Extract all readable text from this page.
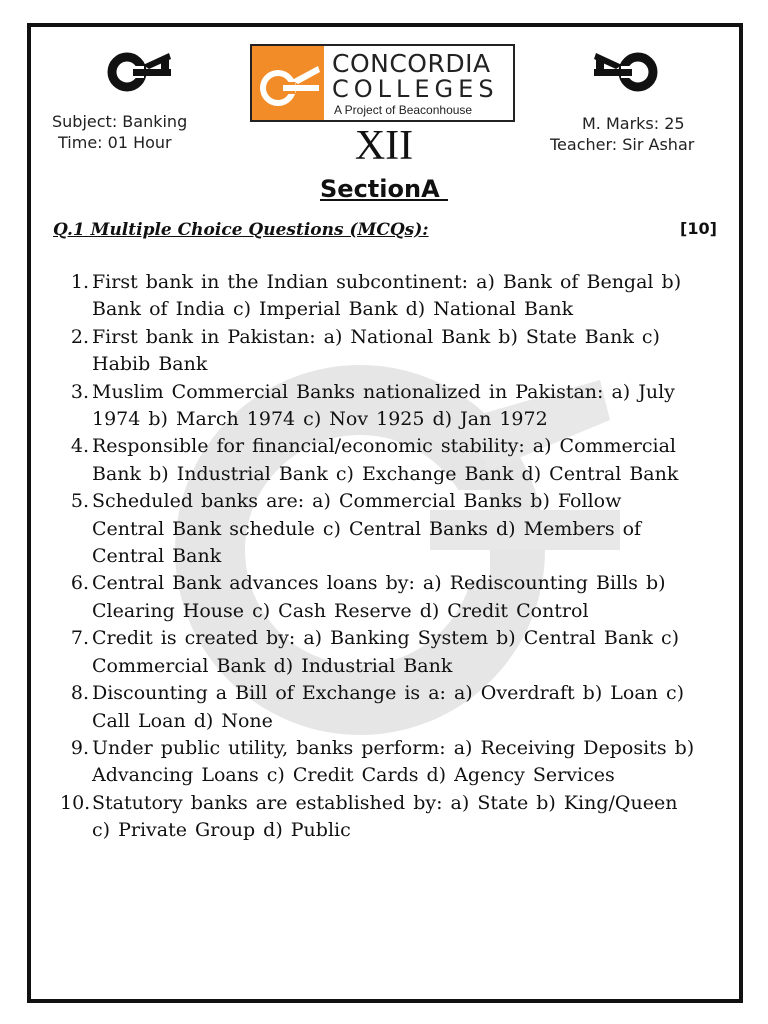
CONCORDIA
COLLEGES
A Project of Beaconhouse
Subject: Banking
Time: 01 Hour
M. Marks: 25
Teacher: Sir Ashar
XII
SectionA
Q.1 Multiple Choice Questions (MCQs):	[10]
1. First bank in the Indian subcontinent: a) Bank of Bengal b) Bank of India c) Imperial Bank d) National Bank
2. First bank in Pakistan: a) National Bank b) State Bank c) Habib Bank
3. Muslim Commercial Banks nationalized in Pakistan: a) July 1974 b) March 1974 c) Nov 1925 d) Jan 1972
4. Responsible for financial/economic stability: a) Commercial Bank b) Industrial Bank c) Exchange Bank d) Central Bank
5. Scheduled banks are: a) Commercial Banks b) Follow Central Bank schedule c) Central Banks d) Members of Central Bank
6. Central Bank advances loans by: a) Rediscounting Bills b) Clearing House c) Cash Reserve d) Credit Control
7. Credit is created by: a) Banking System b) Central Bank c) Commercial Bank d) Industrial Bank
8. Discounting a Bill of Exchange is a: a) Overdraft b) Loan c) Call Loan d) None
9. Under public utility, banks perform: a) Receiving Deposits b) Advancing Loans c) Credit Cards d) Agency Services
10. Statutory banks are established by: a) State b) King/Queen c) Private Group d) Public
